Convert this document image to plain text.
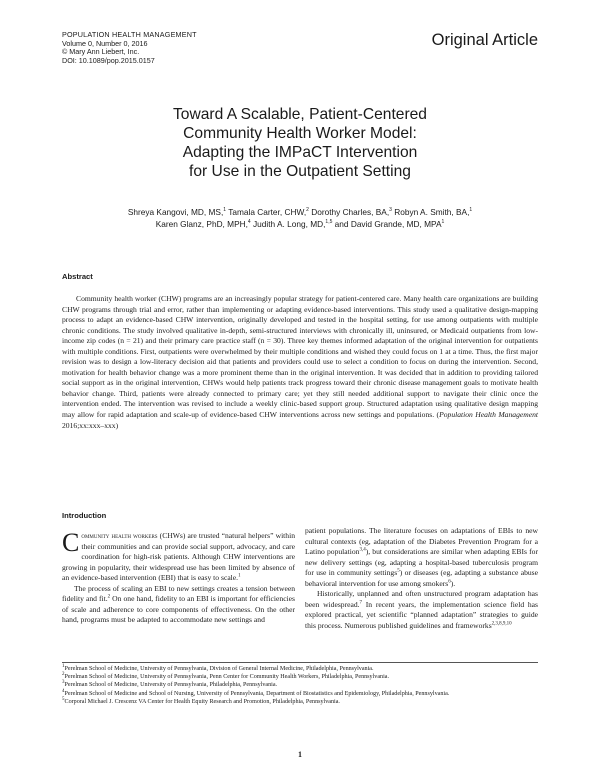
POPULATION HEALTH MANAGEMENT
Volume 0, Number 0, 2016
© Mary Ann Liebert, Inc.
DOI: 10.1089/pop.2015.0157
Original Article
Toward A Scalable, Patient-Centered
Community Health Worker Model:
Adapting the IMPaCT Intervention
for Use in the Outpatient Setting
Shreya Kangovi, MD, MS,$^1$ Tamala Carter, CHW,$^2$ Dorothy Charles, BA,$^3$ Robyn A. Smith, BA,$^1$
Karen Glanz, PhD, MPH,$^4$ Judith A. Long, MD,$^{1,5}$ and David Grande, MD, MPA$^1$
Abstract
Community health worker (CHW) programs are an increasingly popular strategy for patient-centered care. Many health care organizations are building CHW programs through trial and error, rather than implementing or adapting evidence-based interventions. This study used a qualitative design-mapping process to adapt an evidence-based CHW intervention, originally developed and tested in the hospital setting, for use among outpatients with multiple chronic conditions. The study involved qualitative in-depth, semi-structured interviews with chronically ill, uninsured, or Medicaid outpatients from low-income zip codes (n = 21) and their primary care practice staff (n = 30). Three key themes informed adaptation of the original intervention for outpatients with multiple conditions. First, outpatients were overwhelmed by their multiple conditions and wished they could focus on 1 at a time. Thus, the first major revision was to design a low-literacy decision aid that patients and providers could use to select a condition to focus on during the intervention. Second, motivation for health behavior change was a more prominent theme than in the original intervention. It was decided that in addition to providing tailored social support as in the original intervention, CHWs would help patients track progress toward their chronic disease management goals to motivate health behavior change. Third, patients were already connected to primary care; yet they still needed additional support to navigate their clinic once the intervention ended. The intervention was revised to include a weekly clinic-based support group. Structured adaptation using qualitative design mapping may allow for rapid adaptation and scale-up of evidence-based CHW interventions across new settings and populations. (Population Health Management 2016;xx:xxx–xxx)
Introduction

Community health workers (CHWs) are trusted “natural helpers” within their communities and can provide social support, advocacy, and care coordination for high-risk patients. Although CHW interventions are growing in popularity, their widespread use has been limited by absence of an evidence-based intervention (EBI) that is easy to scale.$^1$

The process of scaling an EBI to new settings creates a tension between fidelity and fit.$^2$ On one hand, fidelity to an EBI is important for efficiencies of scale and adherence to core components of effectiveness. On the other hand, programs must be adapted to accommodate new settings and

patient populations. The literature focuses on adaptations of EBIs to new cultural contexts (eg, adaptation of the Diabetes Prevention Program for a Latino population$^{3,4}$), but considerations are similar when adapting EBIs for new delivery settings (eg, adapting a hospital-based tuberculosis program for use in community settings$^5$) or diseases (eg, adapting a substance abuse behavioral intervention for use among smokers$^6$).

Historically, unplanned and often unstructured program adaptation has been widespread.$^7$ In recent years, the implementation science field has explored practical, yet scientific “planned adaptation” strategies to guide this process. Numerous published guidelines and frameworks$^{2,3,8,9,10}$

$^1$Perelman School of Medicine, University of Pennsylvania, Division of General Internal Medicine, Philadelphia, Pennsylvania.
$^2$Perelman School of Medicine, University of Pennsylvania, Penn Center for Community Health Workers, Philadelphia, Pennsylvania.
$^3$Perelman School of Medicine, University of Pennsylvania, Philadelphia, Pennsylvania.
$^4$Perelman School of Medicine and School of Nursing, University of Pennsylvania, Department of Biostatistics and Epidemiology, Philadelphia, Pennsylvania.
$^5$Corporal Michael J. Crescenz VA Center for Health Equity Research and Promotion, Philadelphia, Pennsylvania.
1
